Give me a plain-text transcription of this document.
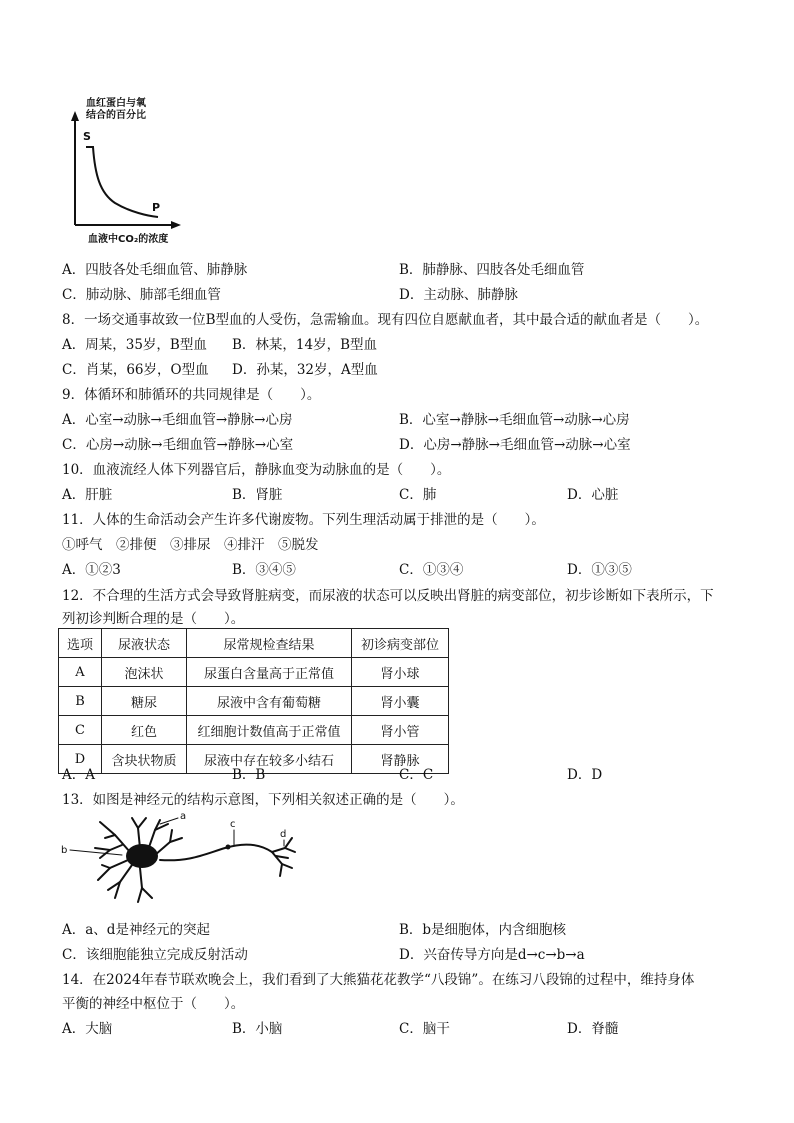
血红蛋白与氧
结合的百分比
S
P
血液中CO₂的浓度
A．四肢各处毛细血管、肺静脉	B．肺静脉、四肢各处毛细血管
C．肺动脉、肺部毛细血管	D．主动脉、肺静脉
8．一场交通事故致一位B型血的人受伤，急需输血。现有四位自愿献血者，其中最合适的献血者是（　　）。
A．周某，35岁，B型血 B．林某，14岁，B型血
C．肖某，66岁，O型血 D．孙某，32岁，A型血
9．体循环和肺循环的共同规律是（　　）。
A．心室→动脉→毛细血管→静脉→心房	B．心室→静脉→毛细血管→动脉→心房
C．心房→动脉→毛细血管→静脉→心室	D．心房→静脉→毛细血管→动脉→心室
10．血液流经人体下列器官后，静脉血变为动脉血的是（　　）。
A．肝脏	B．肾脏	C．肺	D．心脏
11．人体的生命活动会产生许多代谢废物。下列生理活动属于排泄的是（　　）。
①呼气　②排便　③排尿　④排汗　⑤脱发
A．①②3	B．③④⑤	C．①③④	D．①③⑤
12．不合理的生活方式会导致肾脏病变，而尿液的状态可以反映出肾脏的病变部位，初步诊断如下表所示，下
列初诊判断合理的是（　　）。
选项	尿液状态	尿常规检查结果	初诊病变部位
A	泡沫状	尿蛋白含量高于正常值	肾小球
B	糖尿	尿液中含有葡萄糖	肾小囊
C	红色	红细胞计数值高于正常值	肾小管
D	含块状物质	尿液中存在较多小结石	肾静脉
A．A	B．B	C．C	D．D
13．如图是神经元的结构示意图，下列相关叙述正确的是（　　）。
a
b
c
d
A．a、d是神经元的突起	B．b是细胞体，内含细胞核
C．该细胞能独立完成反射活动	D．兴奋传导方向是d→c→b→a
14．在2024年春节联欢晚会上，我们看到了大熊猫花花教学“八段锦”。在练习八段锦的过程中，维持身体
平衡的神经中枢位于（　　）。
A．大脑	B．小脑	C．脑干	D．脊髓
